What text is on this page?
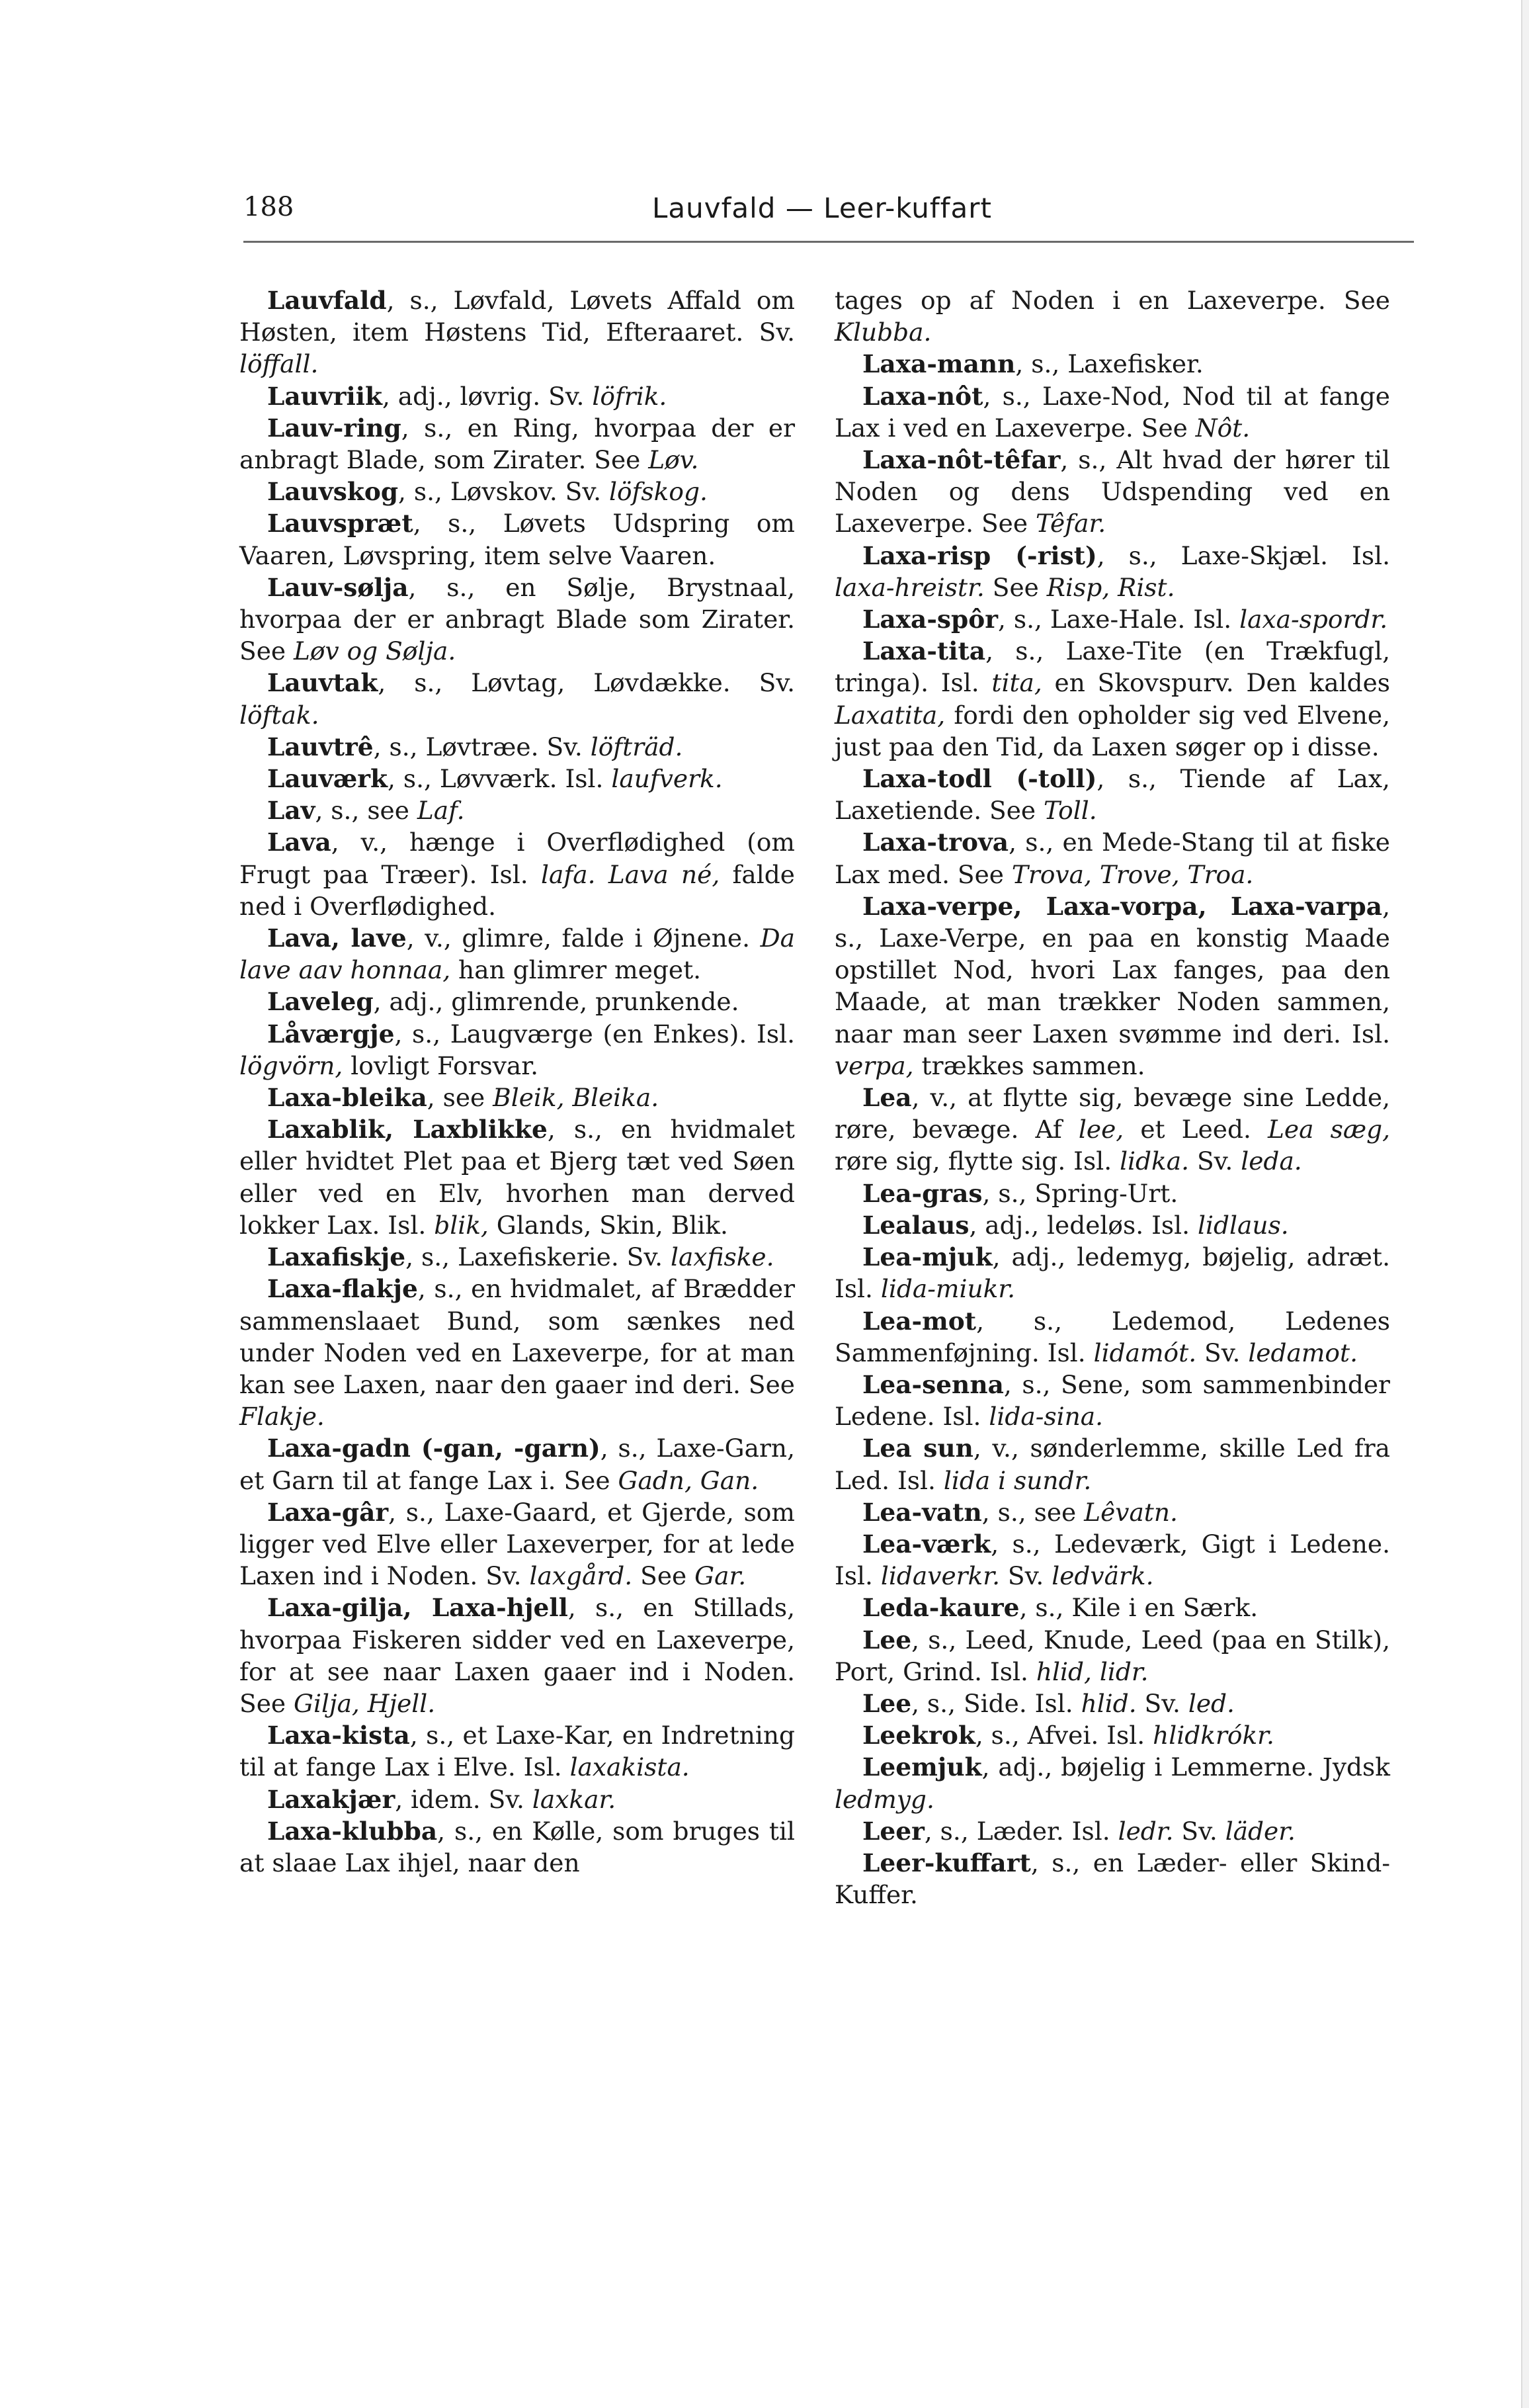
188	Lauvfald — Leer-kuffart

Lauvfald, s., Løvfald, Løvets Affald om Høsten, item Høstens Tid, Efteraaret. Sv. löffall.

Lauvriik, adj., løvrig. Sv. löfrik.

Lauv-ring, s., en Ring, hvorpaa der er anbragt Blade, som Zirater. See Løv.

Lauvskog, s., Løvskov. Sv. löfskog.

Lauvspræt, s., Løvets Udspring om Vaaren, Løvspring, item selve Vaaren.

Lauv-sølja, s., en Sølje, Brystnaal, hvorpaa der er anbragt Blade som Zirater. See Løv og Sølja.

Lauvtak, s., Løvtag, Løvdække. Sv. löftak.

Lauvtrê, s., Løvtræe. Sv. löfträd.

Lauværk, s., Løvværk. Isl. laufverk.

Lav, s., see Laf.

Lava, v., hænge i Overflødighed (om Frugt paa Træer). Isl. lafa. Lava né, falde ned i Overflødighed.

Lava, lave, v., glimre, falde i Øjnene. Da lave aav honnaa, han glimrer meget.

Laveleg, adj., glimrende, prunkende.

Låværgje, s., Laugværge (en Enkes). Isl. lögvörn, lovligt Forsvar.

Laxa-bleika, see Bleik, Bleika.

Laxablik, Laxblikke, s., en hvidmalet eller hvidtet Plet paa et Bjerg tæt ved Søen eller ved en Elv, hvorhen man derved lokker Lax. Isl. blik, Glands, Skin, Blik.

Laxafiskje, s., Laxefiskerie. Sv. laxfiske.

Laxa-flakje, s., en hvidmalet, af Brædder sammenslaaet Bund, som sænkes ned under Noden ved en Laxeverpe, for at man kan see Laxen, naar den gaaer ind deri. See Flakje.

Laxa-gadn (-gan, -garn), s., Laxe-Garn, et Garn til at fange Lax i. See Gadn, Gan.

Laxa-gâr, s., Laxe-Gaard, et Gjerde, som ligger ved Elve eller Laxeverper, for at lede Laxen ind i Noden. Sv. laxgård. See Gar.

Laxa-gilja, Laxa-hjell, s., en Stillads, hvorpaa Fiskeren sidder ved en Laxeverpe, for at see naar Laxen gaaer ind i Noden. See Gilja, Hjell.

Laxa-kista, s., et Laxe-Kar, en Indretning til at fange Lax i Elve. Isl. laxakista.

Laxakjær, idem. Sv. laxkar.

Laxa-klubba, s., en Kølle, som bruges til at slaae Lax ihjel, naar den

tages op af Noden i en Laxeverpe. See Klubba.

Laxa-mann, s., Laxefisker.

Laxa-nôt, s., Laxe-Nod, Nod til at fange Lax i ved en Laxeverpe. See Nôt.

Laxa-nôt-têfar, s., Alt hvad der hører til Noden og dens Udspending ved en Laxeverpe. See Têfar.

Laxa-risp (-rist), s., Laxe-Skjæl. Isl. laxa-hreistr. See Risp, Rist.

Laxa-spôr, s., Laxe-Hale. Isl. laxa-spordr.

Laxa-tita, s., Laxe-Tite (en Trækfugl, tringa). Isl. tita, en Skovspurv. Den kaldes Laxatita, fordi den opholder sig ved Elvene, just paa den Tid, da Laxen søger op i disse.

Laxa-todl (-toll), s., Tiende af Lax, Laxetiende. See Toll.

Laxa-trova, s., en Mede-Stang til at fiske Lax med. See Trova, Trove, Troa.

Laxa-verpe, Laxa-vorpa, Laxa-varpa, s., Laxe-Verpe, en paa en konstig Maade opstillet Nod, hvori Lax fanges, paa den Maade, at man trækker Noden sammen, naar man seer Laxen svømme ind deri. Isl. verpa, trækkes sammen.

Lea, v., at flytte sig, bevæge sine Ledde, røre, bevæge. Af lee, et Leed. Lea sæg, røre sig, flytte sig. Isl. lidka. Sv. leda.

Lea-gras, s., Spring-Urt.

Lealaus, adj., ledeløs. Isl. lidlaus.

Lea-mjuk, adj., ledemyg, bøjelig, adræt. Isl. lida-miukr.

Lea-mot, s., Ledemod, Ledenes Sammenføjning. Isl. lidamót. Sv. ledamot.

Lea-senna, s., Sene, som sammenbinder Ledene. Isl. lida-sina.

Lea sun, v., sønderlemme, skille Led fra Led. Isl. lida i sundr.

Lea-vatn, s., see Lêvatn.

Lea-værk, s., Ledeværk, Gigt i Ledene. Isl. lidaverkr. Sv. ledvärk.

Leda-kaure, s., Kile i en Særk.

Lee, s., Leed, Knude, Leed (paa en Stilk), Port, Grind. Isl. hlid, lidr.

Lee, s., Side. Isl. hlid. Sv. led.

Leekrok, s., Afvei. Isl. hlidkrókr.

Leemjuk, adj., bøjelig i Lemmerne. Jydsk ledmyg.

Leer, s., Læder. Isl. ledr. Sv. läder.

Leer-kuffart, s., en Læder- eller Skind-Kuffer.
